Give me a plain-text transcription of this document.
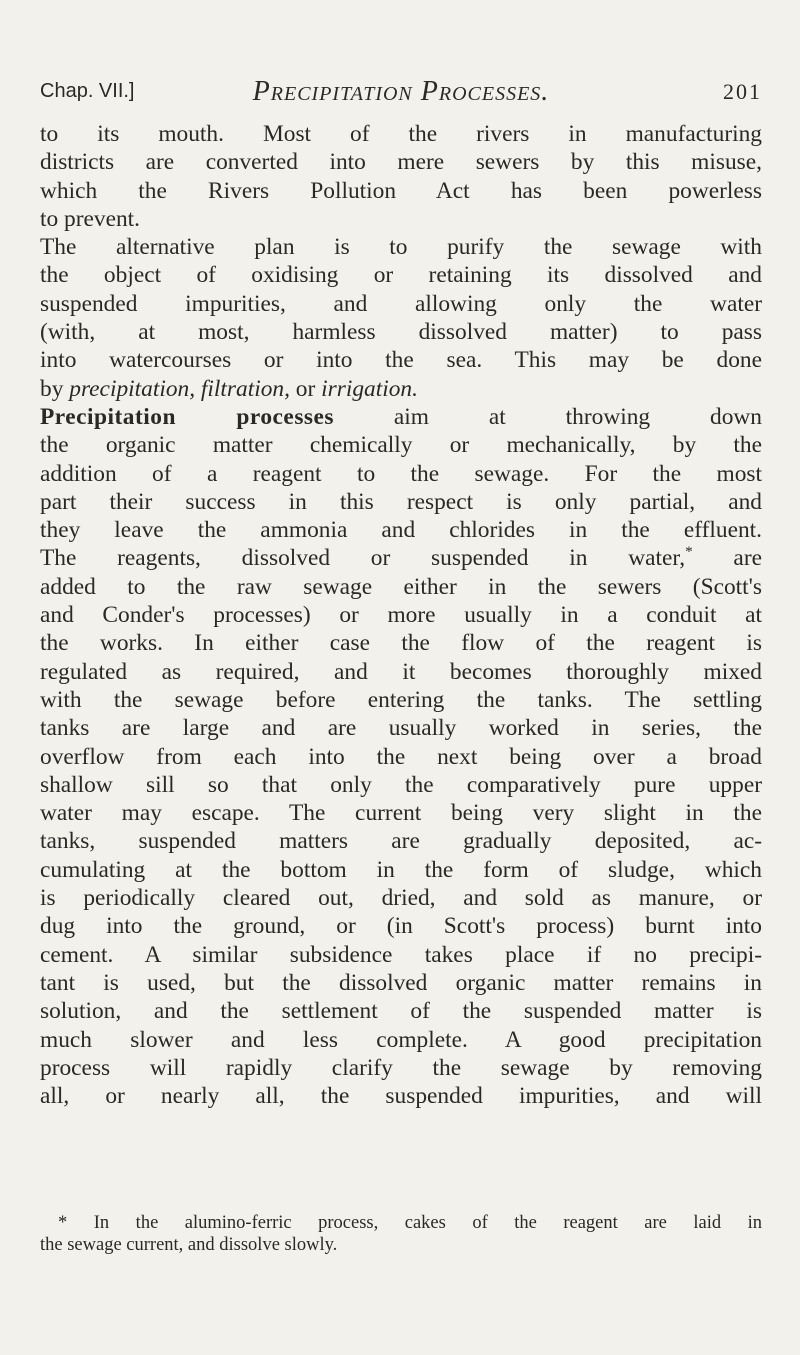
Chap. VII.]	Precipitation Processes.	201
to its mouth. Most of the rivers in manufacturing
districts are converted into mere sewers by this misuse,
which the Rivers Pollution Act has been powerless
to prevent.
The alternative plan is to purify the sewage with
the object of oxidising or retaining its dissolved and
suspended impurities, and allowing only the water
(with, at most, harmless dissolved matter) to pass
into watercourses or into the sea. This may be done
by precipitation, filtration, or irrigation.
Precipitation processes aim at throwing down
the organic matter chemically or mechanically, by the
addition of a reagent to the sewage. For the most
part their success in this respect is only partial, and
they leave the ammonia and chlorides in the effluent.
The reagents, dissolved or suspended in water,* are
added to the raw sewage either in the sewers (Scott's
and Conder's processes) or more usually in a conduit at
the works. In either case the flow of the reagent is
regulated as required, and it becomes thoroughly mixed
with the sewage before entering the tanks. The settling
tanks are large and are usually worked in series, the
overflow from each into the next being over a broad
shallow sill so that only the comparatively pure upper
water may escape. The current being very slight in the
tanks, suspended matters are gradually deposited, ac-
cumulating at the bottom in the form of sludge, which
is periodically cleared out, dried, and sold as manure, or
dug into the ground, or (in Scott's process) burnt into
cement. A similar subsidence takes place if no precipi-
tant is used, but the dissolved organic matter remains in
solution, and the settlement of the suspended matter is
much slower and less complete. A good precipitation
process will rapidly clarify the sewage by removing
all, or nearly all, the suspended impurities, and will
* In the alumino-ferric process, cakes of the reagent are laid in
the sewage current, and dissolve slowly.
